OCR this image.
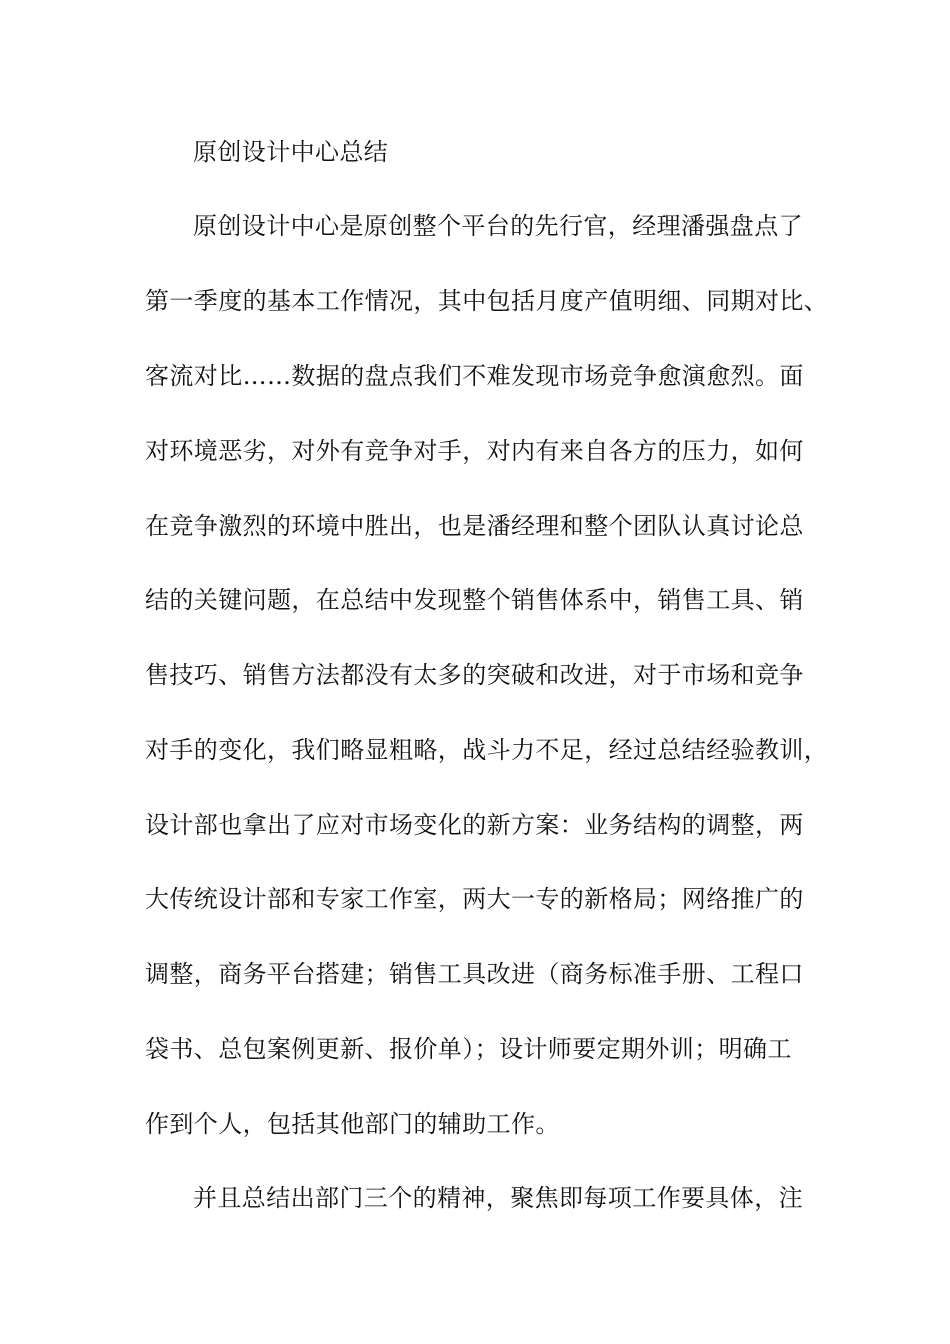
原创设计中心总结
原创设计中心是原创整个平台的先行官，经理潘强盘点了
第一季度的基本工作情况，其中包括月度产值明细、同期对比、
客流对比……数据的盘点我们不难发现市场竞争愈演愈烈。面
对环境恶劣，对外有竞争对手，对内有来自各方的压力，如何
在竞争激烈的环境中胜出，也是潘经理和整个团队认真讨论总
结的关键问题，在总结中发现整个销售体系中，销售工具、销
售技巧、销售方法都没有太多的突破和改进，对于市场和竞争
对手的变化，我们略显粗略，战斗力不足，经过总结经验教训，
设计部也拿出了应对市场变化的新方案：业务结构的调整，两
大传统设计部和专家工作室，两大一专的新格局；网络推广的
调整，商务平台搭建；销售工具改进（商务标准手册、工程口
袋书、总包案例更新、报价单）；设计师要定期外训；明确工
作到个人，包括其他部门的辅助工作。
并且总结出部门三个的精神，聚焦即每项工作要具体，注
